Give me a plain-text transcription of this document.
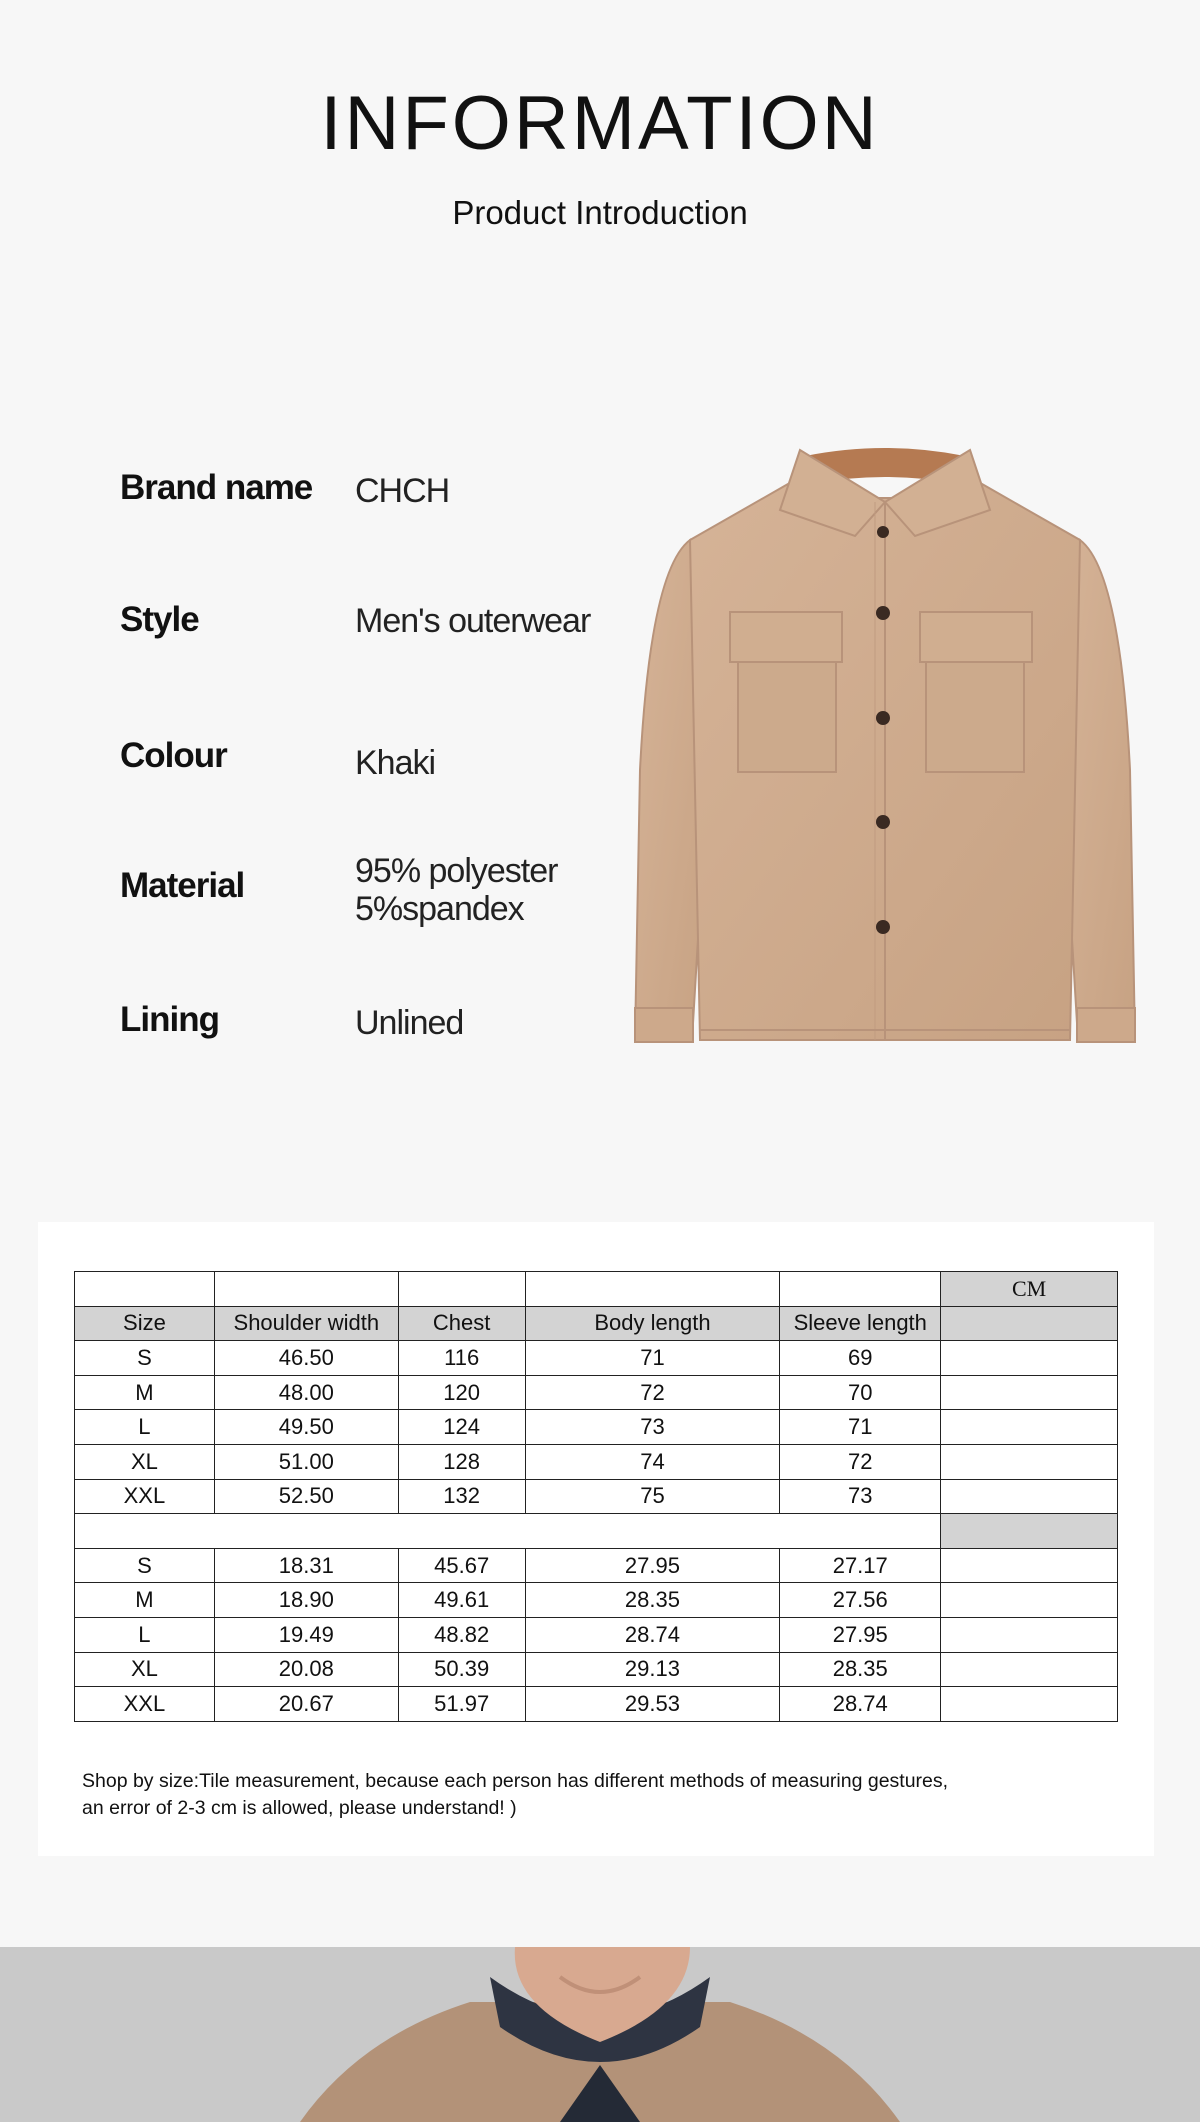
INFORMATION
Product Introduction
Brand name CHCH
Style	Men's outerwear
Colour	Khaki
Material	95% polyester
5%spandex
Lining	Unlined
					CM
Size	Shoulder width	Chest	Body length	Sleeve length	
S	46.50	116	71	69	
M	48.00	120	72	70	
L	49.50	124	73	71	
XL	51.00	128	74	72	
XXL	52.50	132	75	73	

S	18.31	45.67	27.95	27.17	
M	18.90	49.61	28.35	27.56	
L	19.49	48.82	28.74	27.95	
XL	20.08	50.39	29.13	28.35	
XXL	20.67	51.97	29.53	28.74	
Shop by size:Tile measurement, because each person has different methods of measuring gestures,
an error of 2-3 cm is allowed, please understand! )
